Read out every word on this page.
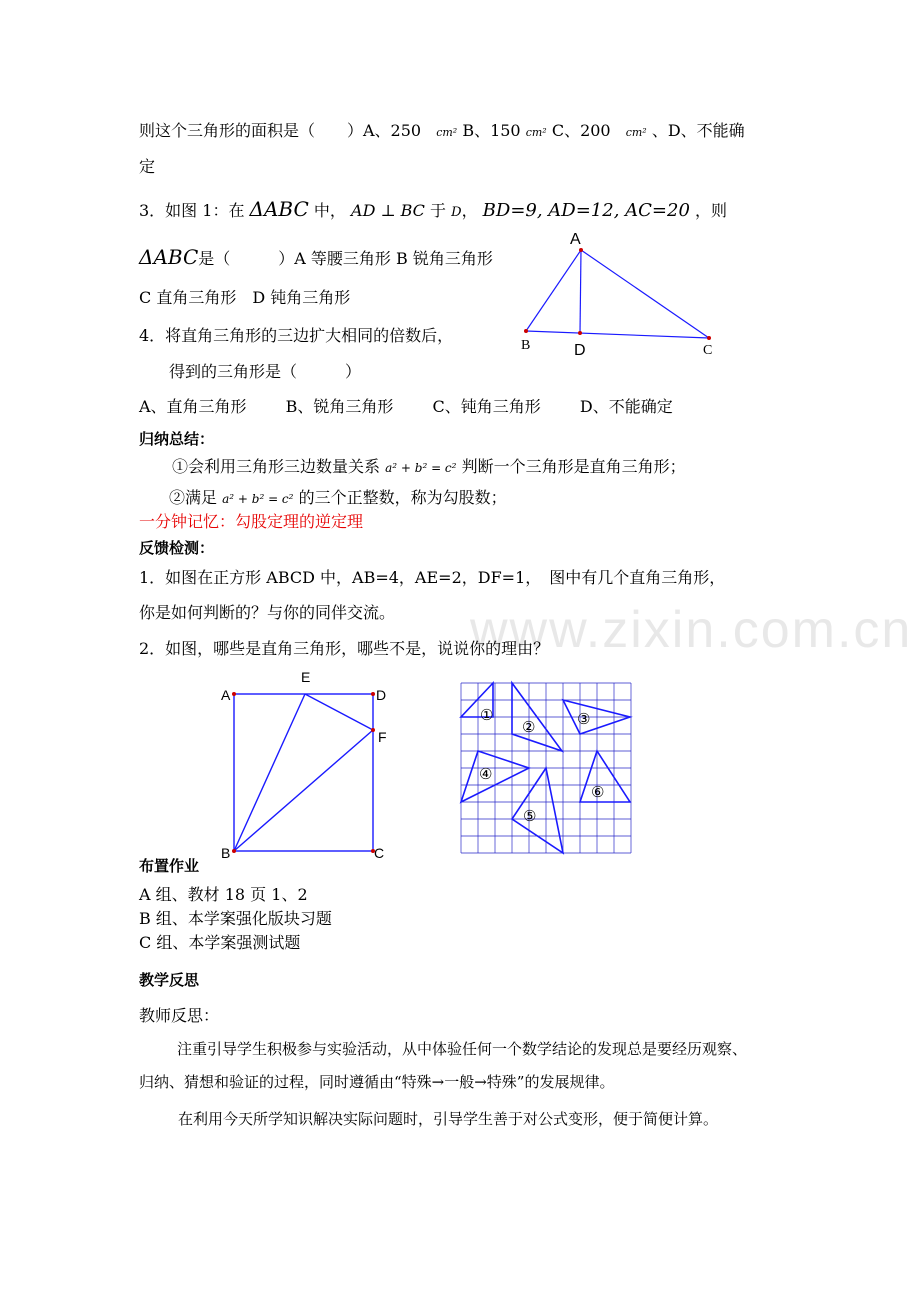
www.zixin.com.cn
则这个三角形的面积是（　　）A、250 cm² B、150 cm² C、200 cm² 、D、不能确
定
3．如图 1：在 ΔABC 中， AD ⊥ BC 于 D， BD=9, AD=12, AC=20 ，则
ΔABC是（　　　）A 等腰三角形 B 锐角三角形
C 直角三角形　D 钝角三角形
A
B	D	C
4．将直角三角形的三边扩大相同的倍数后，
得到的三角形是（　　　）
A、直角三角形 B、锐角三角形 C、钝角三角形 D、不能确定
归纳总结：
①会利用三角形三边数量关系 a² + b² = c² 判断一个三角形是直角三角形；
②满足 a² + b² = c² 的三个正整数，称为勾股数；
一分钟记忆：勾股定理的逆定理
反馈检测：
1．如图在正方形 ABCD 中，AB=4，AE=2，DF=1，　图中有几个直角三角形，
你是如何判断的？与你的同伴交流。
2．如图，哪些是直角三角形，哪些不是，说说你的理由？
A
E
D
F
B	C
①
②	③
④
⑤
⑥
布置作业
A 组、教材 18 页 1、2
B 组、本学案强化版块习题
C 组、本学案强测试题
教学反思
教师反思：
注重引导学生积极参与实验活动，从中体验任何一个数学结论的发现总是要经历观察、
归纳、猜想和验证的过程，同时遵循由“特殊→一般→特殊”的发展规律。
在利用今天所学知识解决实际问题时，引导学生善于对公式变形，便于简便计算。
